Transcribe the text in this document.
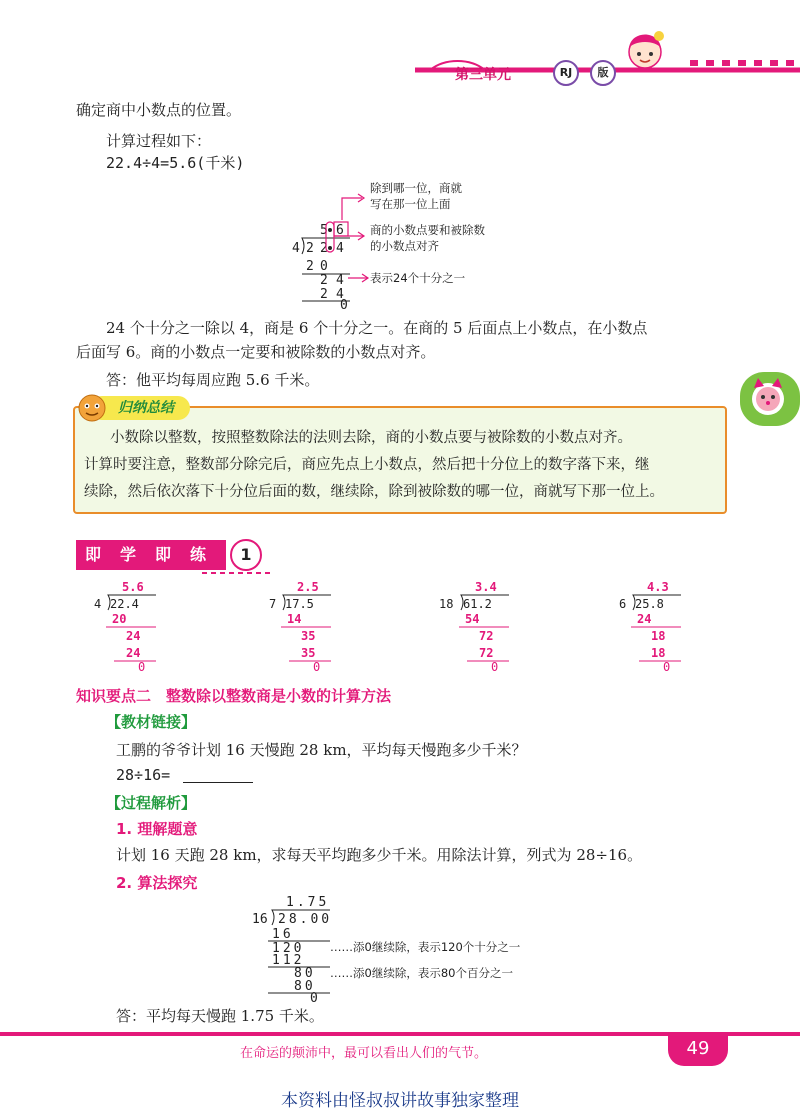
第三单元	RJ	版
确定商中小数点的位置。
计算过程如下：
22.4÷4=5.6(千米)
5 6
4 2 2 4
2 0
2 4
2 4
0
除到哪一位，商就
写在那一位上面
商的小数点要和被除数
的小数点对齐
表示24个十分之一
24 个十分之一除以 4，商是 6 个十分之一。在商的 5 后面点上小数点，在小数点
后面写 6。商的小数点一定要和被除数的小数点对齐。
答：他平均每周应跑 5.6 千米。
归纳总结
小数除以整数，按照整数除法的法则去除，商的小数点要与被除数的小数点对齐。
计算时要注意，整数部分除完后，商应先点上小数点，然后把十分位上的数字落下来，继
续除，然后依次落下十分位后面的数，继续除，除到被除数的哪一位，商就写下那一位上。
即	学	即	练	1
5.6
4 22.4
20
24
24
0
2.5
7 17.5
14
35
35
0
3.4
18 61.2
54
72
72
0
4.3
6 25.8
24
18
18
0
知识要点二　整数除以整数商是小数的计算方法
【教材链接】
工鹏的爷爷计划 16 天慢跑 28 km，平均每天慢跑多少千米？
28÷16=
【过程解析】
1. 理解题意
计划 16 天跑 28 km，求每天平均跑多少千米。用除法计算，列式为 28÷16。
2. 算法探究
1.75
16 28.00
16
120
112
80
80
0
……添0继续除，表示120个十分之一
……添0继续除，表示80个百分之一
答：平均每天慢跑 1.75 千米。
在命运的颠沛中，最可以看出人们的气节。	49
本资料由怪叔叔讲故事独家整理
